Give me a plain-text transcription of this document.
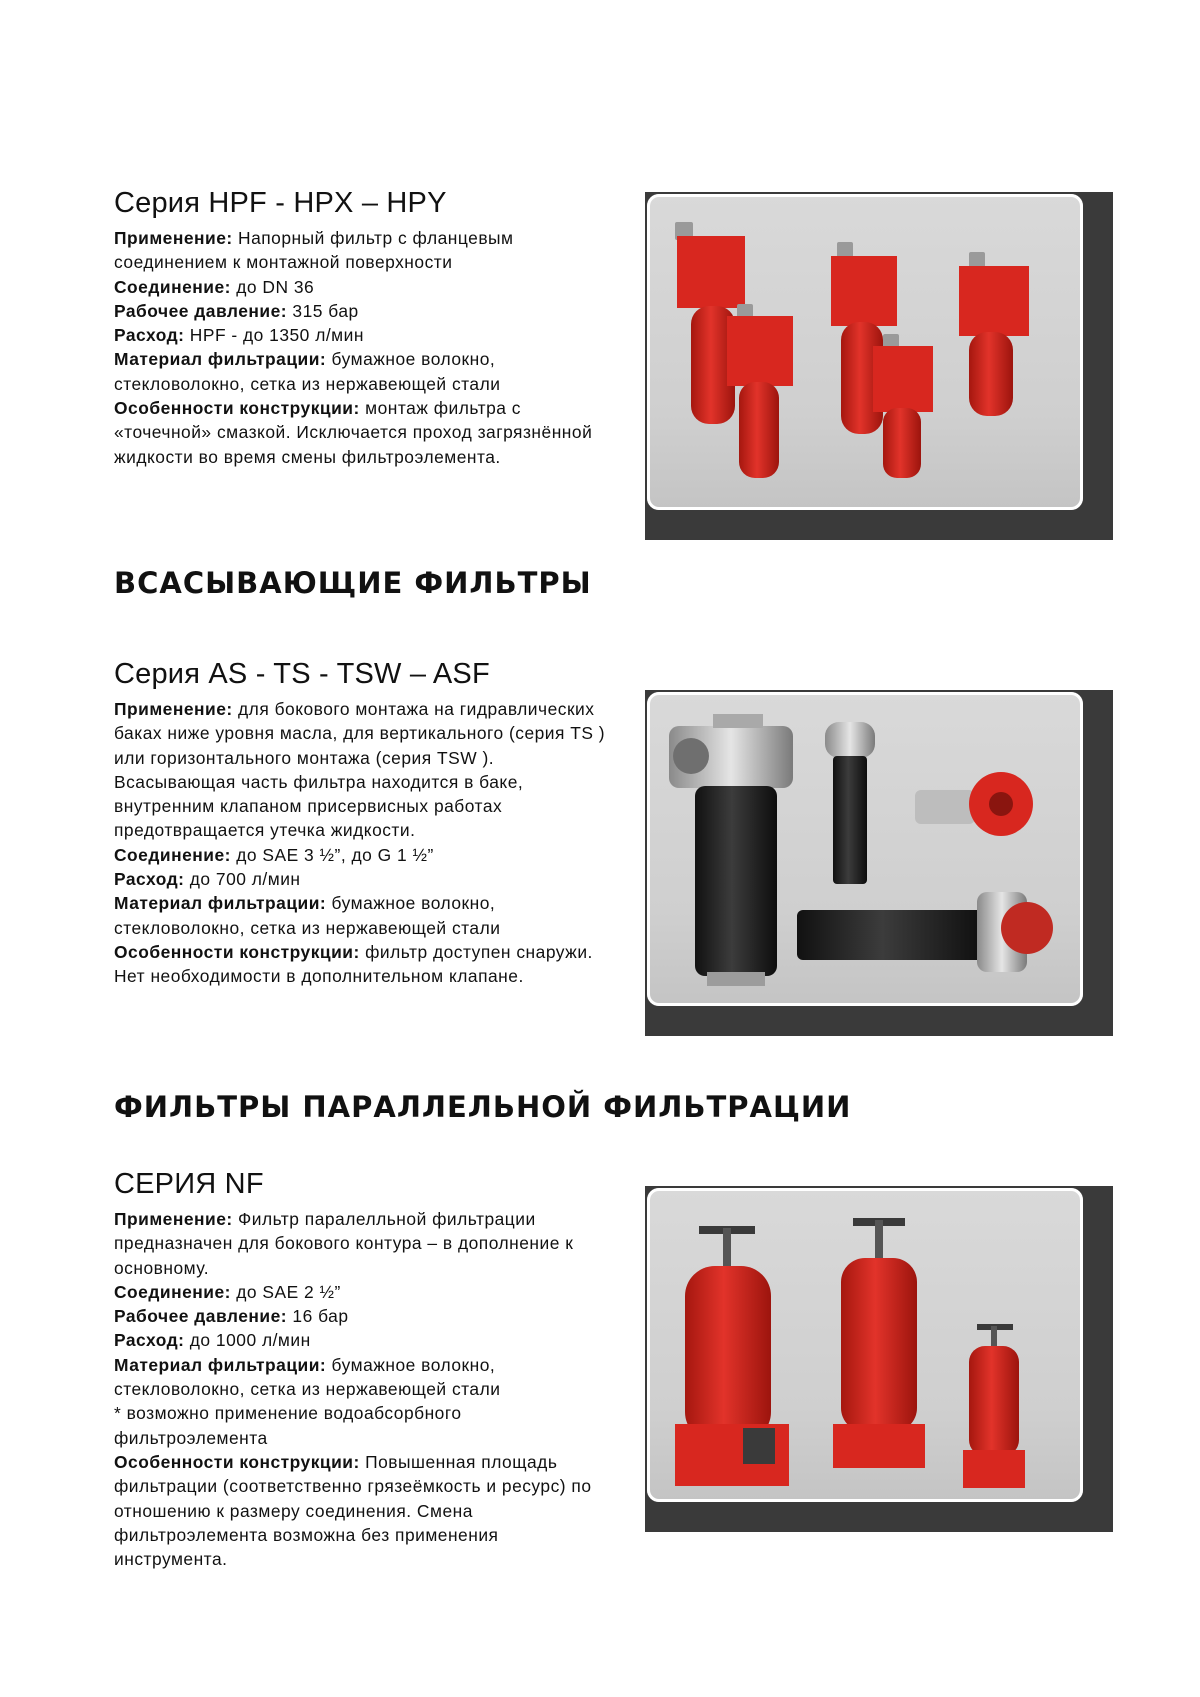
Серия HPF - HPX – HPY

Применение: Напорный фильтр с фланцевым соединением к монтажной поверхности
Соединение: до DN 36
Рабочее давление: 315 бар
Расход: HPF - до 1350 л/мин
Материал фильтрации: бумажное волокно, стекловолокно, сетка из нержавеющей стали
Особенности конструкции: монтаж фильтра с «точечной» смазкой. Исключается проход загрязнённой жидкости во время смены фильтроэлемента.

ВСАСЫВАЮЩИЕ ФИЛЬТРЫ
Серия AS - TS - TSW – ASF

Применение: для бокового монтажа на гидравлических баках ниже уровня масла, для вертикального (серия TS ) или горизонтального монтажа (серия TSW ). Всасывающая часть фильтра находится в баке, внутренним клапаном присервисных работах предотвращается утечка жидкости.
Соединение: до SAE 3 ½”, до G 1 ½”
Расход: до 700 л/мин
Материал фильтрации: бумажное волокно, стекловолокно, сетка из нержавеющей стали
Особенности конструкции: фильтр доступен снаружи. Нет необходимости в дополнительном клапане.

ФИЛЬТРЫ ПАРАЛЛЕЛЬНОЙ ФИЛЬТРАЦИИ
СЕРИЯ NF

Применение: Фильтр паралелльной фильтрации предназначен для бокового контура – в дополнение к основному.
Соединение: до SAE 2 ½”
Рабочее давление: 16 бар
Расход: до 1000 л/мин
Материал фильтрации: бумажное волокно, стекловолокно, сетка из нержавеющей стали
* возможно применение водоабсорбного фильтроэлемента
Особенности конструкции: Повышенная площадь фильтрации (соответственно грязеёмкость и ресурс) по отношению к размеру соединения. Смена фильтроэлемента возможна без применения инструмента.
